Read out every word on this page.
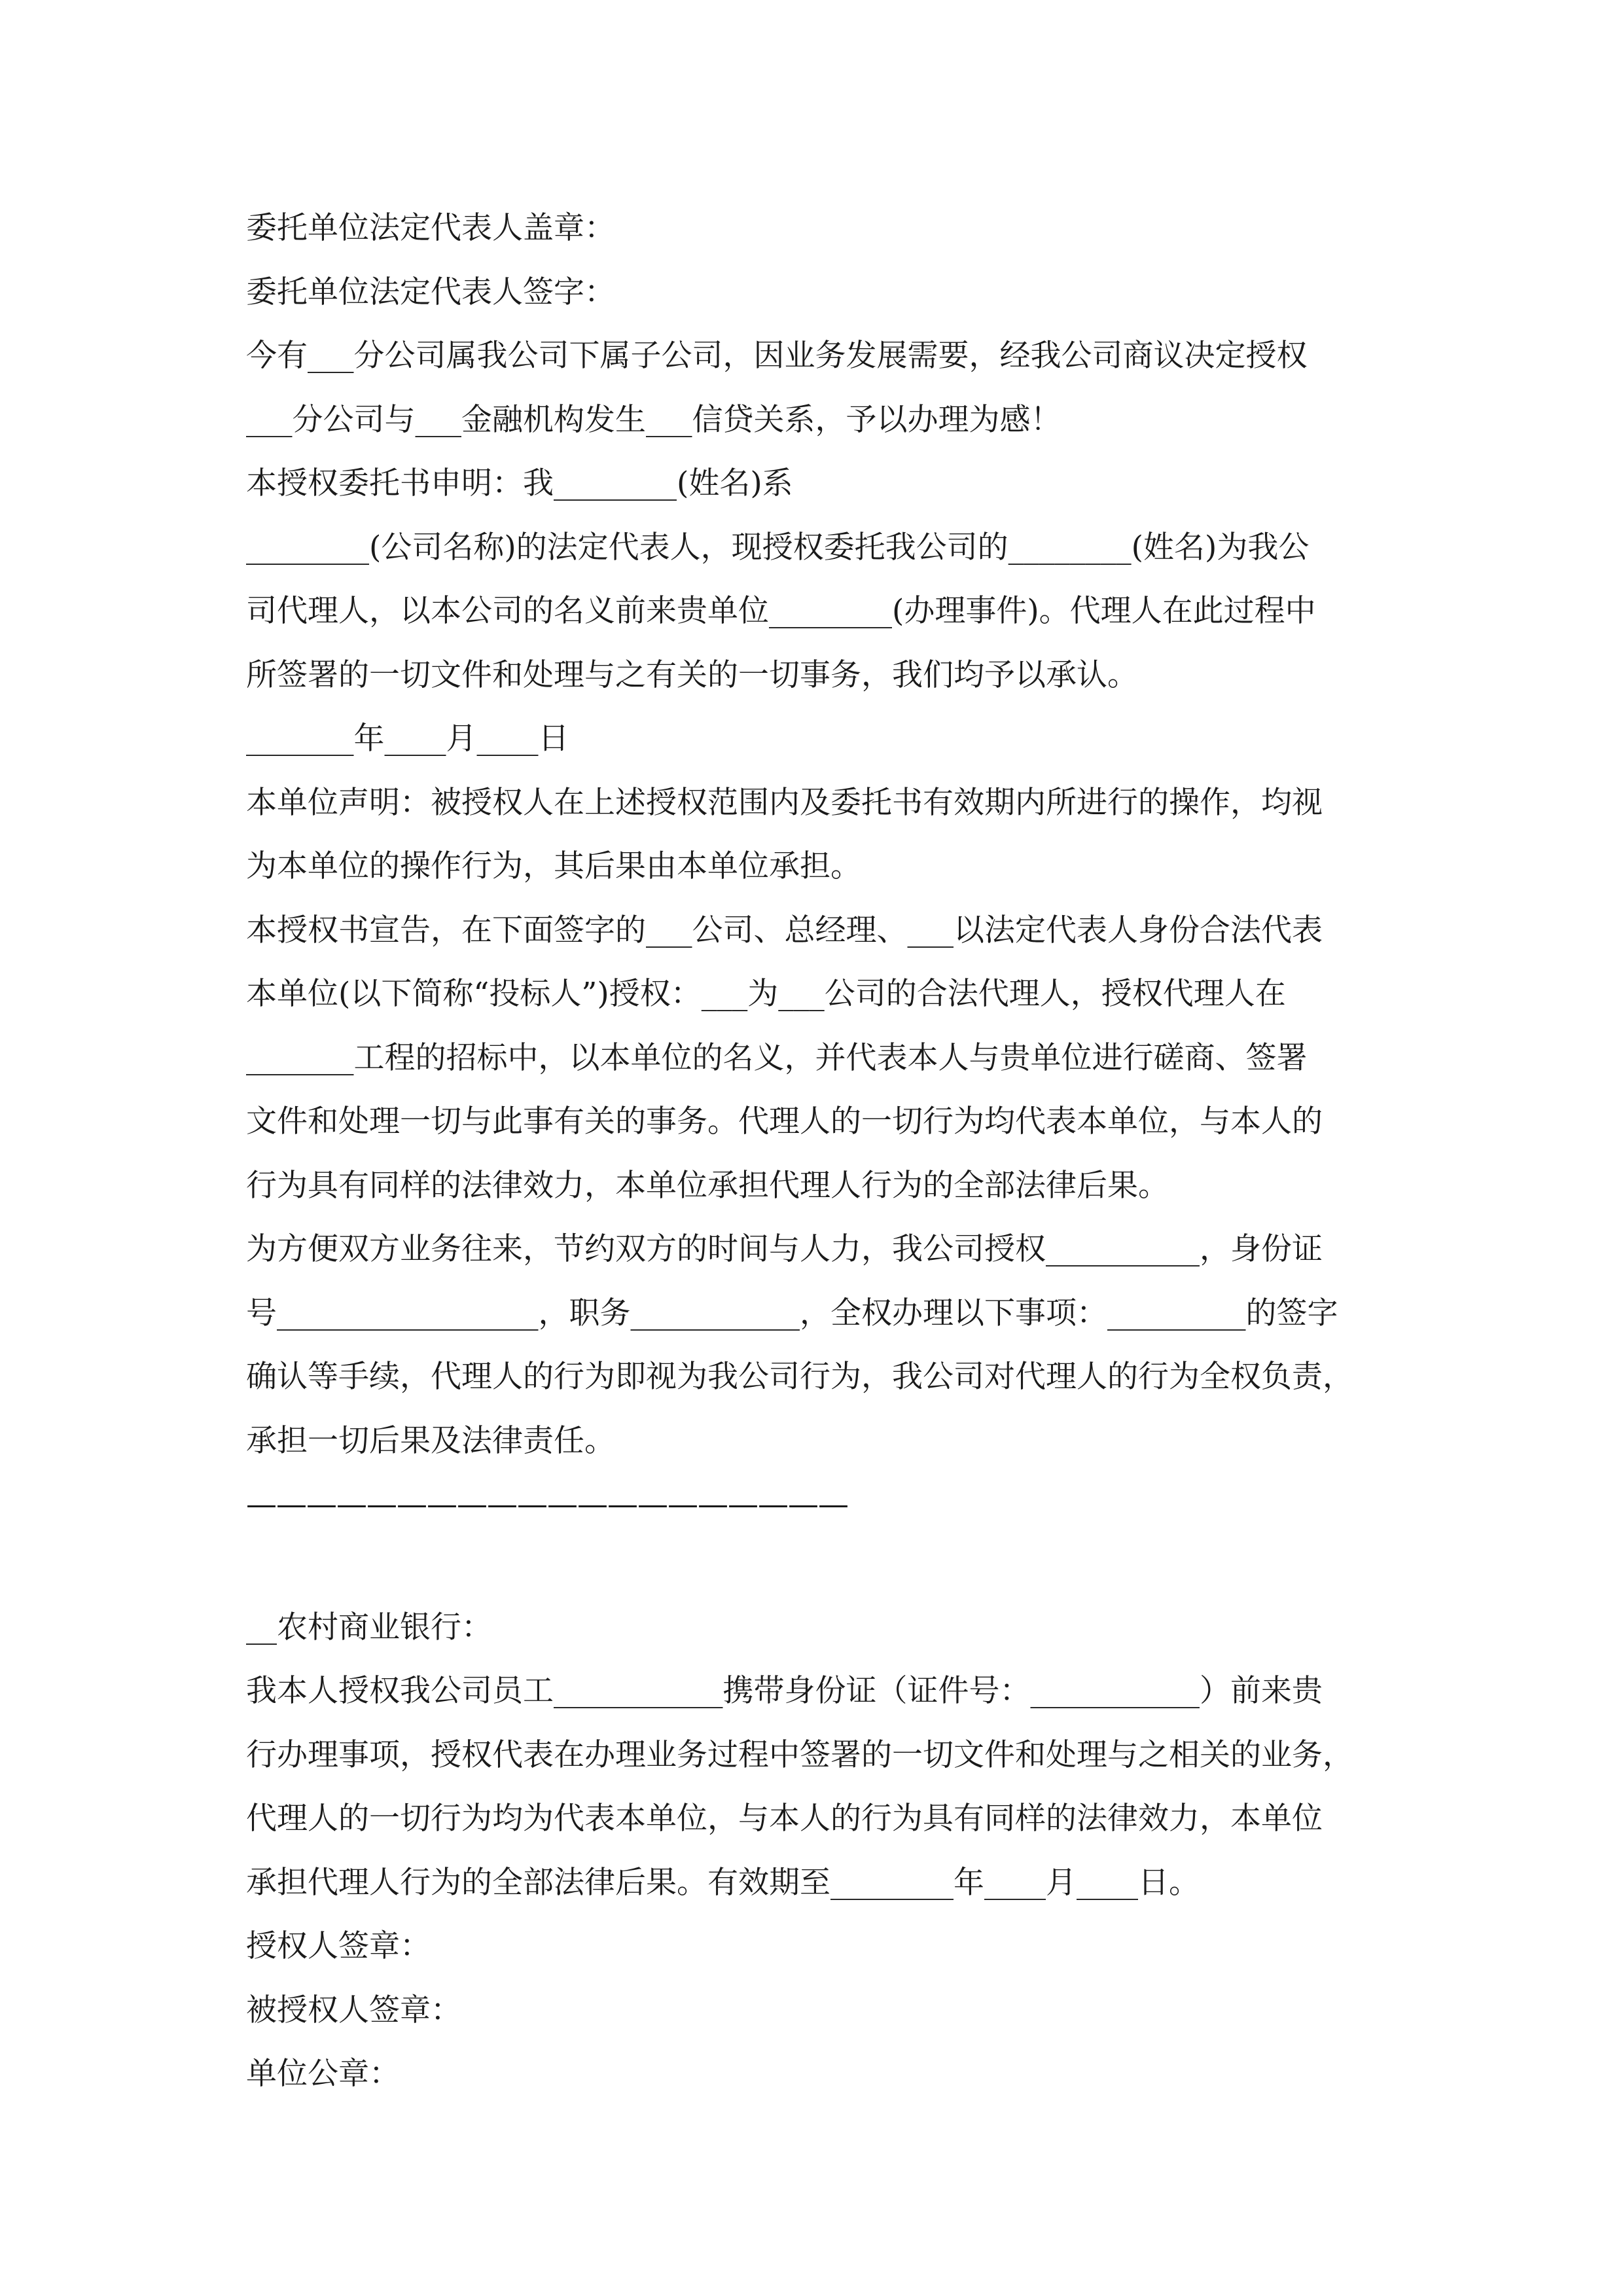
委托单位法定代表人盖章：
委托单位法定代表人签字：
今有___分公司属我公司下属子公司，因业务发展需要，经我公司商议决定授权
___分公司与___金融机构发生___信贷关系，予以办理为感！
本授权委托书申明：我________(姓名)系
________(公司名称)的法定代表人，现授权委托我公司的________(姓名)为我公
司代理人，以本公司的名义前来贵单位________(办理事件)。代理人在此过程中
所签署的一切文件和处理与之有关的一切事务，我们均予以承认。
_______年____月____日
本单位声明：被授权人在上述授权范围内及委托书有效期内所进行的操作，均视
为本单位的操作行为，其后果由本单位承担。
本授权书宣告，在下面签字的___公司、总经理、___以法定代表人身份合法代表
本单位(以下简称“投标人”)授权：___为___公司的合法代理人，授权代理人在
_______工程的招标中，以本单位的名义，并代表本人与贵单位进行磋商、签署
文件和处理一切与此事有关的事务。代理人的一切行为均代表本单位，与本人的
行为具有同样的法律效力，本单位承担代理人行为的全部法律后果。
为方便双方业务往来，节约双方的时间与人力，我公司授权__________，身份证
号_________________，职务___________，全权办理以下事项：_________的签字
确认等手续，代理人的行为即视为我公司行为，我公司对代理人的行为全权负责，
承担一切后果及法律责任。
————————————————————
__农村商业银行：
我本人授权我公司员工___________携带身份证（证件号：___________）前来贵
行办理事项，授权代表在办理业务过程中签署的一切文件和处理与之相关的业务，
代理人的一切行为均为代表本单位，与本人的行为具有同样的法律效力，本单位
承担代理人行为的全部法律后果。有效期至________年____月____日。
授权人签章：
被授权人签章：
单位公章：
